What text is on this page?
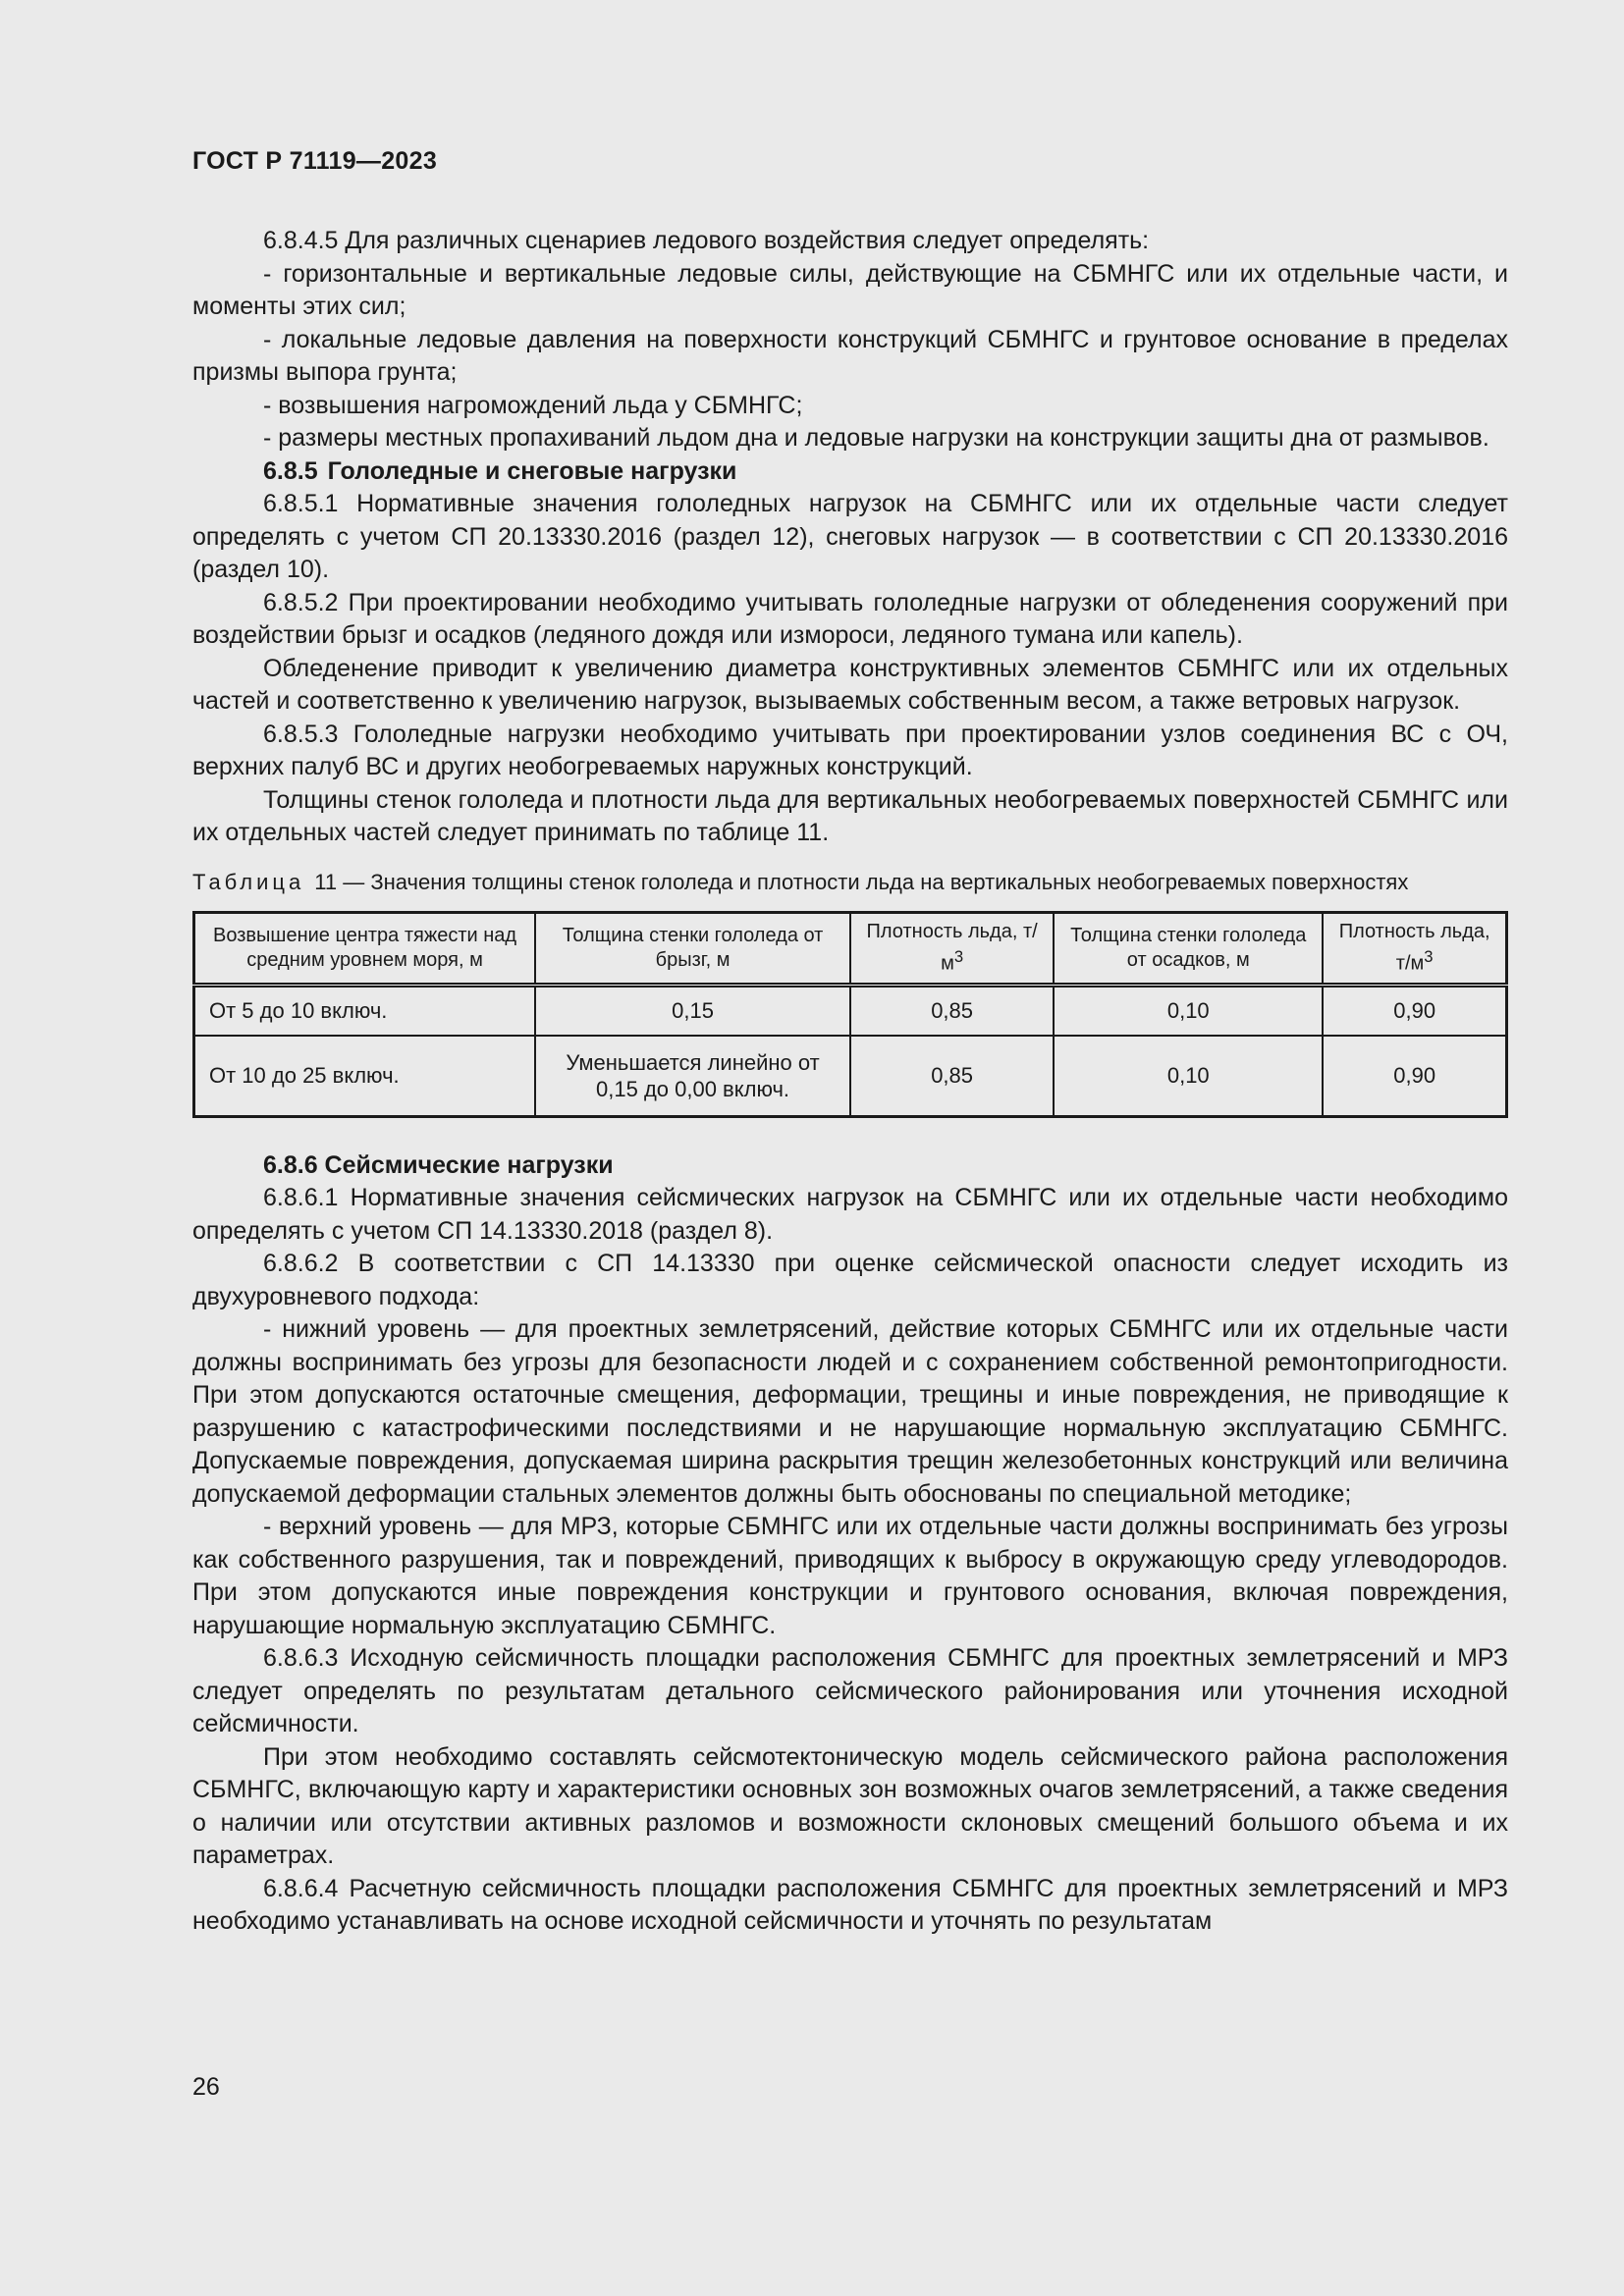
ГОСТ Р 71119—2023

6.8.4.5 Для различных сценариев ледового воздействия следует определять:

- горизонтальные и вертикальные ледовые силы, действующие на СБМНГС или их отдельные части, и моменты этих сил;

- локальные ледовые давления на поверхности конструкций СБМНГС и грунтовое основание в пределах призмы выпора грунта;

- возвышения нагромождений льда у СБМНГС;

- размеры местных пропахиваний льдом дна и ледовые нагрузки на конструкции защиты дна от размывов.

6.8.5 Гололедные и снеговые нагрузки

6.8.5.1 Нормативные значения гололедных нагрузок на СБМНГС или их отдельные части следует определять с учетом СП 20.13330.2016 (раздел 12), снеговых нагрузок — в соответствии с СП 20.13330.2016 (раздел 10).

6.8.5.2 При проектировании необходимо учитывать гололедные нагрузки от обледенения сооружений при воздействии брызг и осадков (ледяного дождя или измороси, ледяного тумана или капель).

Обледенение приводит к увеличению диаметра конструктивных элементов СБМНГС или их отдельных частей и соответственно к увеличению нагрузок, вызываемых собственным весом, а также ветровых нагрузок.

6.8.5.3 Гололедные нагрузки необходимо учитывать при проектировании узлов соединения ВС с ОЧ, верхних палуб ВС и других необогреваемых наружных конструкций.

Толщины стенок гололеда и плотности льда для вертикальных необогреваемых поверхностей СБМНГС или их отдельных частей следует принимать по таблице 11.

Таблица 11 — Значения толщины стенок гололеда и плотности льда на вертикальных необогреваемых поверхностях
Возвышение центра тяжести над средним уровнем моря, м	Толщина стенки гололеда от брызг, м	Плотность льда, $т/м^3$	Толщина стенки гололеда от осадков, м	Плотность льда, $т/м^3$
От 5 до 10 включ.	0,15	0,85	0,10	0,90
От 10 до 25 включ.	Уменьшается линейно от 0,15 до 0,00 включ.	0,85	0,10	0,90
6.8.6 Сейсмические нагрузки

6.8.6.1 Нормативные значения сейсмических нагрузок на СБМНГС или их отдельные части необходимо определять с учетом СП 14.13330.2018 (раздел 8).

6.8.6.2 В соответствии с СП 14.13330 при оценке сейсмической опасности следует исходить из двухуровневого подхода:

- нижний уровень — для проектных землетрясений, действие которых СБМНГС или их отдельные части должны воспринимать без угрозы для безопасности людей и с сохранением собственной ремонтопригодности. При этом допускаются остаточные смещения, деформации, трещины и иные повреждения, не приводящие к разрушению с катастрофическими последствиями и не нарушающие нормальную эксплуатацию СБМНГС. Допускаемые повреждения, допускаемая ширина раскрытия трещин железобетонных конструкций или величина допускаемой деформации стальных элементов должны быть обоснованы по специальной методике;

- верхний уровень — для МРЗ, которые СБМНГС или их отдельные части должны воспринимать без угрозы как собственного разрушения, так и повреждений, приводящих к выбросу в окружающую среду углеводородов. При этом допускаются иные повреждения конструкции и грунтового основания, включая повреждения, нарушающие нормальную эксплуатацию СБМНГС.

6.8.6.3 Исходную сейсмичность площадки расположения СБМНГС для проектных землетрясений и МРЗ следует определять по результатам детального сейсмического районирования или уточнения исходной сейсмичности.

При этом необходимо составлять сейсмотектоническую модель сейсмического района расположения СБМНГС, включающую карту и характеристики основных зон возможных очагов землетрясений, а также сведения о наличии или отсутствии активных разломов и возможности склоновых смещений большого объема и их параметрах.

6.8.6.4 Расчетную сейсмичность площадки расположения СБМНГС для проектных землетрясений и МРЗ необходимо устанавливать на основе исходной сейсмичности и уточнять по результатам

26
